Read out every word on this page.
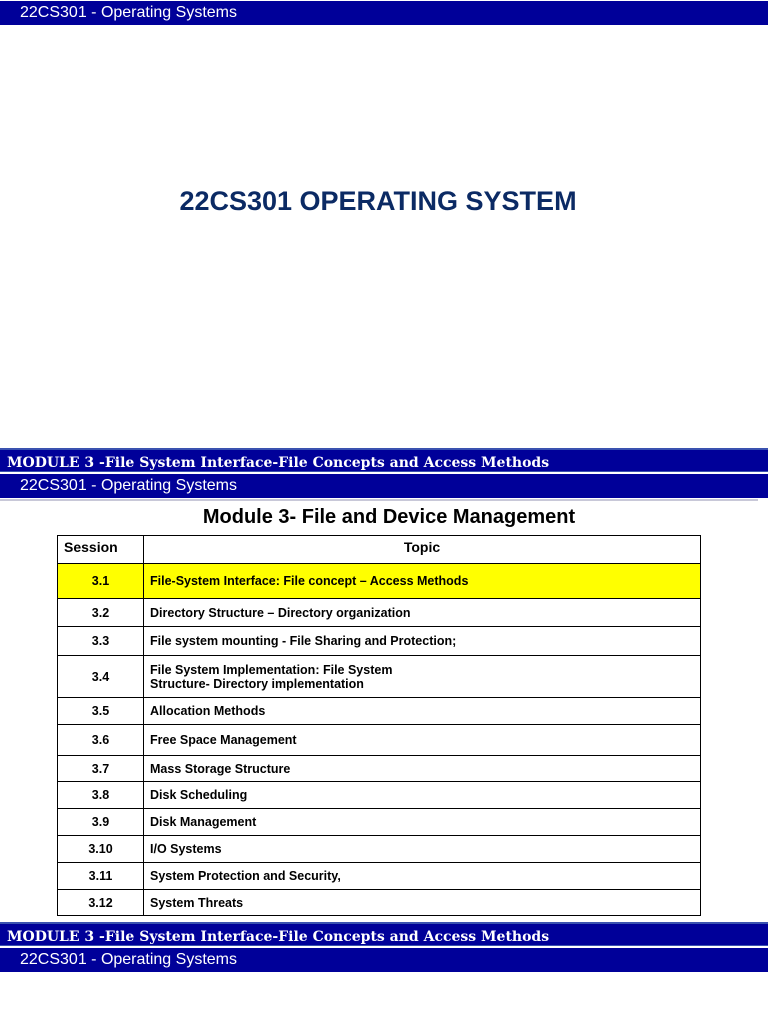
22CS301 - Operating Systems
22CS301 OPERATING SYSTEM
MODULE 3 -File System Interface-File Concepts and Access Methods
22CS301 - Operating Systems
Module 3- File and Device Management
Session	Topic
3.1	File-System Interface: File concept – Access Methods
3.2	Directory Structure – Directory organization
3.3	File system mounting - File Sharing and Protection;
3.4	File System Implementation: File System
Structure- Directory implementation

3.5	Allocation Methods
3.6	Free Space Management
3.7	Mass Storage Structure
3.8	Disk Scheduling
3.9	Disk Management
3.10	I/O Systems
3.11	System Protection and Security,
3.12	System Threats
MODULE 3 -File System Interface-File Concepts and Access Methods
22CS301 - Operating Systems
